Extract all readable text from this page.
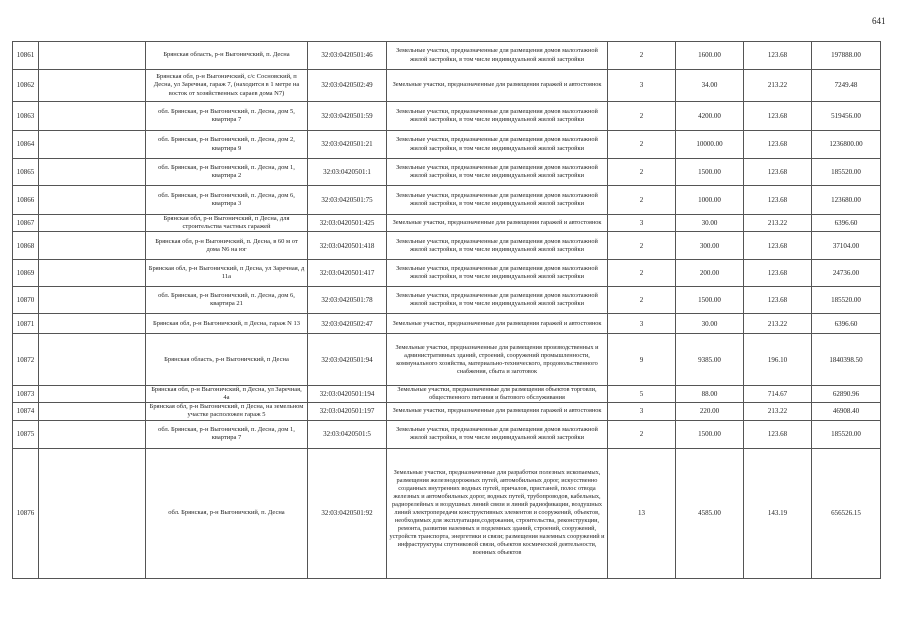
641
10861		Брянская область, р-н Выгоничский, п. Десна	32:03:0420501:46	Земельные участки, предназначенные для размещения домов малоэтажной жилой застройки, в том числе индивидуальной жилой застройки	2	1600.00	123.68	197888.00
10862		Брянская обл, р-н Выгоничский, с/с Сосновский, п Десна, ул Заречная, гараж 7, (находится в 1 метре на восток от хозяйственных сараев дома N7)	32:03:0420502:49	Земельные участки, предназначенные для размещения гаражей и автостоянок	3	34.00	213.22	7249.48
10863		обл. Брянская, р-н Выгоничский, п. Десна, дом 5, квартира 7	32:03:0420501:59	Земельные участки, предназначенные для размещения домов малоэтажной жилой застройки, в том числе индивидуальной жилой застройки	2	4200.00	123.68	519456.00
10864		обл. Брянская, р-н Выгоничский, п. Десна, дом 2, квартира 9	32:03:0420501:21	Земельные участки, предназначенные для размещения домов малоэтажной жилой застройки, в том числе индивидуальной жилой застройки	2	10000.00	123.68	1236800.00
10865		обл. Брянская, р-н Выгоничский, п. Десна, дом 1, квартира 2	32:03:0420501:1	Земельные участки, предназначенные для размещения домов малоэтажной жилой застройки, в том числе индивидуальной жилой застройки	2	1500.00	123.68	185520.00
10866		обл. Брянская, р-н Выгоничский, п. Десна, дом 6, квартира 3	32:03:0420501:75	Земельные участки, предназначенные для размещения домов малоэтажной жилой застройки, в том числе индивидуальной жилой застройки	2	1000.00	123.68	123680.00
10867		Брянская обл, р-н Выгоничский, п Десна, для строительства частных гаражей	32:03:0420501:425	Земельные участки, предназначенные для размещения гаражей и автостоянок	3	30.00	213.22	6396.60
10868		Брянская обл, р-н Выгоничский, п. Десна, в 60 м от дома N6 на юг	32:03:0420501:418	Земельные участки, предназначенные для размещения домов малоэтажной жилой застройки, в том числе индивидуальной жилой застройки	2	300.00	123.68	37104.00
10869		Брянская обл, р-н Выгоничский, п Десна, ул Заречная, д 11а	32:03:0420501:417	Земельные участки, предназначенные для размещения домов малоэтажной жилой застройки, в том числе индивидуальной жилой застройки	2	200.00	123.68	24736.00
10870		обл. Брянская, р-н Выгоничский, п. Десна, дом 6, квартира 21	32:03:0420501:78	Земельные участки, предназначенные для размещения домов малоэтажной жилой застройки, в том числе индивидуальной жилой застройки	2	1500.00	123.68	185520.00
10871		Брянская обл, р-н Выгоничский, п Десна, гараж N 13	32:03:0420502:47	Земельные участки, предназначенные для размещения гаражей и автостоянок	3	30.00	213.22	6396.60
10872		Брянская область, р-н Выгоничский, п Десна	32:03:0420501:94	Земельные участки, предназначенные для размещения производственных и административных зданий, строений, сооружений промышленности, коммунального хозяйства, материально-технического, продовольственного снабжения, сбыта и заготовок	9	9385.00	196.10	1840398.50
10873		Брянская обл, р-н Выгоничский, п Десна, ул Заречная, 4а	32:03:0420501:194	Земельные участки, предназначенные для размещения объектов торговли, общественного питания и бытового обслуживания	5	88.00	714.67	62890.96
10874		Брянская обл, р-н Выгоничский, п Десна, на земельном участке расположен гараж 5	32:03:0420501:197	Земельные участки, предназначенные для размещения гаражей и автостоянок	3	220.00	213.22	46908.40
10875		обл. Брянская, р-н Выгоничский, п. Десна, дом 1, квартира 7	32:03:0420501:5	Земельные участки, предназначенные для размещения домов малоэтажной жилой застройки, в том числе индивидуальной жилой застройки	2	1500.00	123.68	185520.00
10876		обл. Брянская, р-н Выгоничский, п. Десна	32:03:0420501:92	Земельные участки, предназначенные для разработки полезных ископаемых, размещения железнодорожных путей, автомобильных дорог, искусственно созданных внутренних водных путей, причалов, пристаней, полос отвода железных и автомобильных дорог, водных путей, трубопроводов, кабельных, радиорелейных и воздушных линий связи и линий радиофикации, воздушных линий электропередачи конструктивных элементов и сооружений, объектов, необходимых для эксплуатации,содержания, строительства, реконструкции, ремонта, развития наземных и подземных зданий, строений, сооружений, устройств транспорта, энергетики и связи; размещения наземных сооружений и инфраструктуры спутниковой связи, объектов космической деятельности, военных объектов	13	4585.00	143.19	656526.15
